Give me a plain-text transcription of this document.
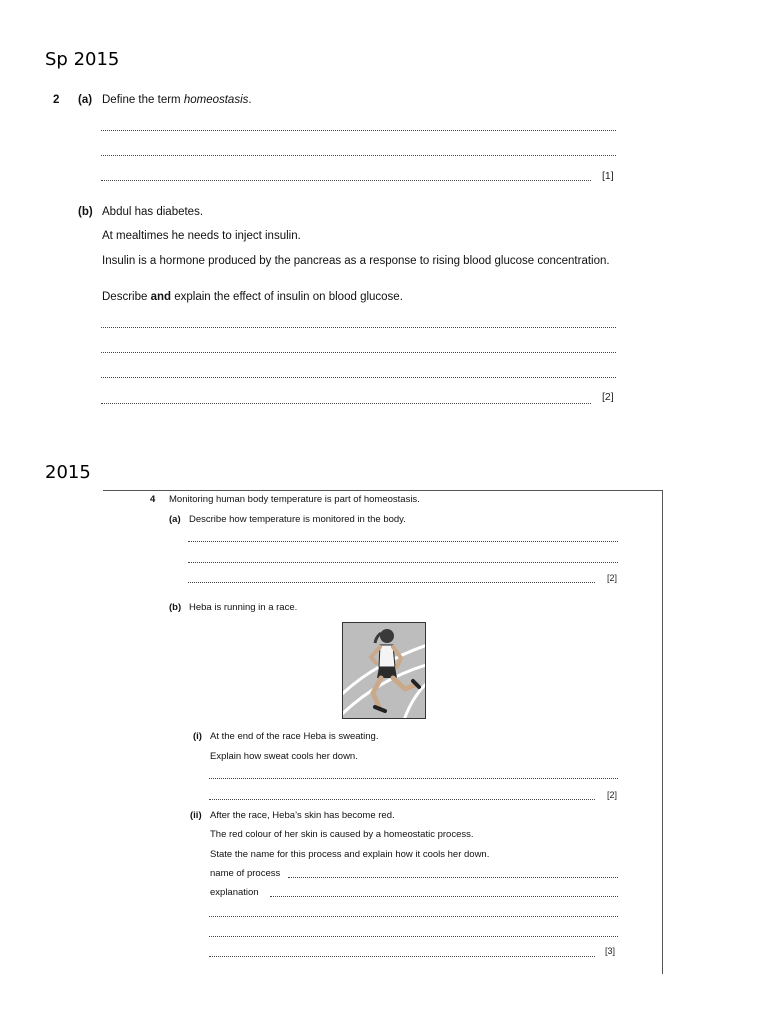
Sp 2015
2 (a) Define the term homeostasis.
[1]
(b) Abdul has diabetes.
At mealtimes he needs to inject insulin.
Insulin is a hormone produced by the pancreas as a response to rising blood glucose concentration.
Describe and explain the effect of insulin on blood glucose.
[2]
2015
4 Monitoring human body temperature is part of homeostasis.
(a) Describe how temperature is monitored in the body.
[2]
(b) Heba is running in a race.
(i) At the end of the race Heba is sweating.
Explain how sweat cools her down.
[2]
(ii) After the race, Heba’s skin has become red.
The red colour of her skin is caused by a homeostatic process.
State the name for this process and explain how it cools her down.
name of process
explanation
[3]
